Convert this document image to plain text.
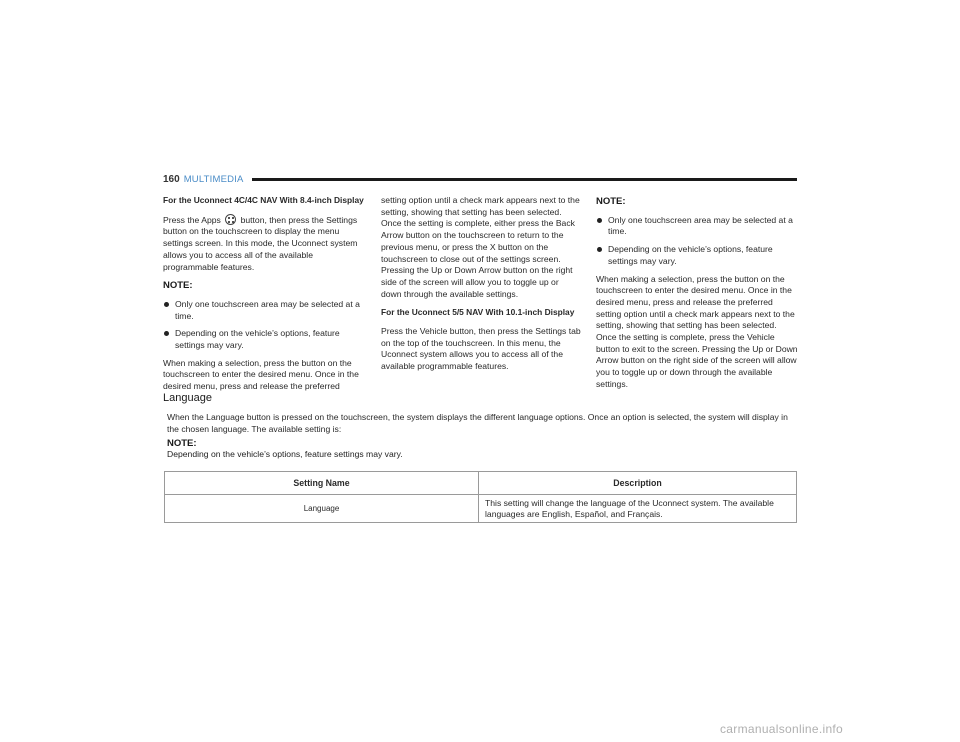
160 MULTIMEDIA

For the Uconnect 4C/4C NAV With 8.4-inch Display

Press the Apps button, then press the Settings button on the touchscreen to display the menu settings screen. In this mode, the Uconnect system allows you to access all of the available programmable features.

NOTE:

Only one touchscreen area may be selected at a time.
Depending on the vehicle’s options, feature settings may vary.

When making a selection, press the button on the touchscreen to enter the desired menu. Once in the desired menu, press and release the preferred

setting option until a check mark appears next to the setting, showing that setting has been selected. Once the setting is complete, either press the Back Arrow button on the touchscreen to return to the previous menu, or press the X button on the touchscreen to close out of the settings screen. Pressing the Up or Down Arrow button on the right side of the screen will allow you to toggle up or down through the available settings.

For the Uconnect 5/5 NAV With 10.1-inch Display

Press the Vehicle button, then press the Settings tab on the top of the touchscreen. In this menu, the Uconnect system allows you to access all of the available programmable features.

NOTE:

Only one touchscreen area may be selected at a time.
Depending on the vehicle’s options, feature settings may vary.

When making a selection, press the button on the touchscreen to enter the desired menu. Once in the desired menu, press and release the preferred setting option until a check mark appears next to the setting, showing that setting has been selected. Once the setting is complete, press the Vehicle button to exit to the screen. Pressing the Up or Down Arrow button on the right side of the screen will allow you to toggle up or down through the available settings.

Language

When the Language button is pressed on the touchscreen, the system displays the different language options. Once an option is selected, the system will display in the chosen language. The available setting is:

NOTE:
Depending on the vehicle’s options, feature settings may vary.
Setting Name	Description
Language	This setting will change the language of the Uconnect system. The available languages are English, Español, and Français.
carmanualsonline.info
